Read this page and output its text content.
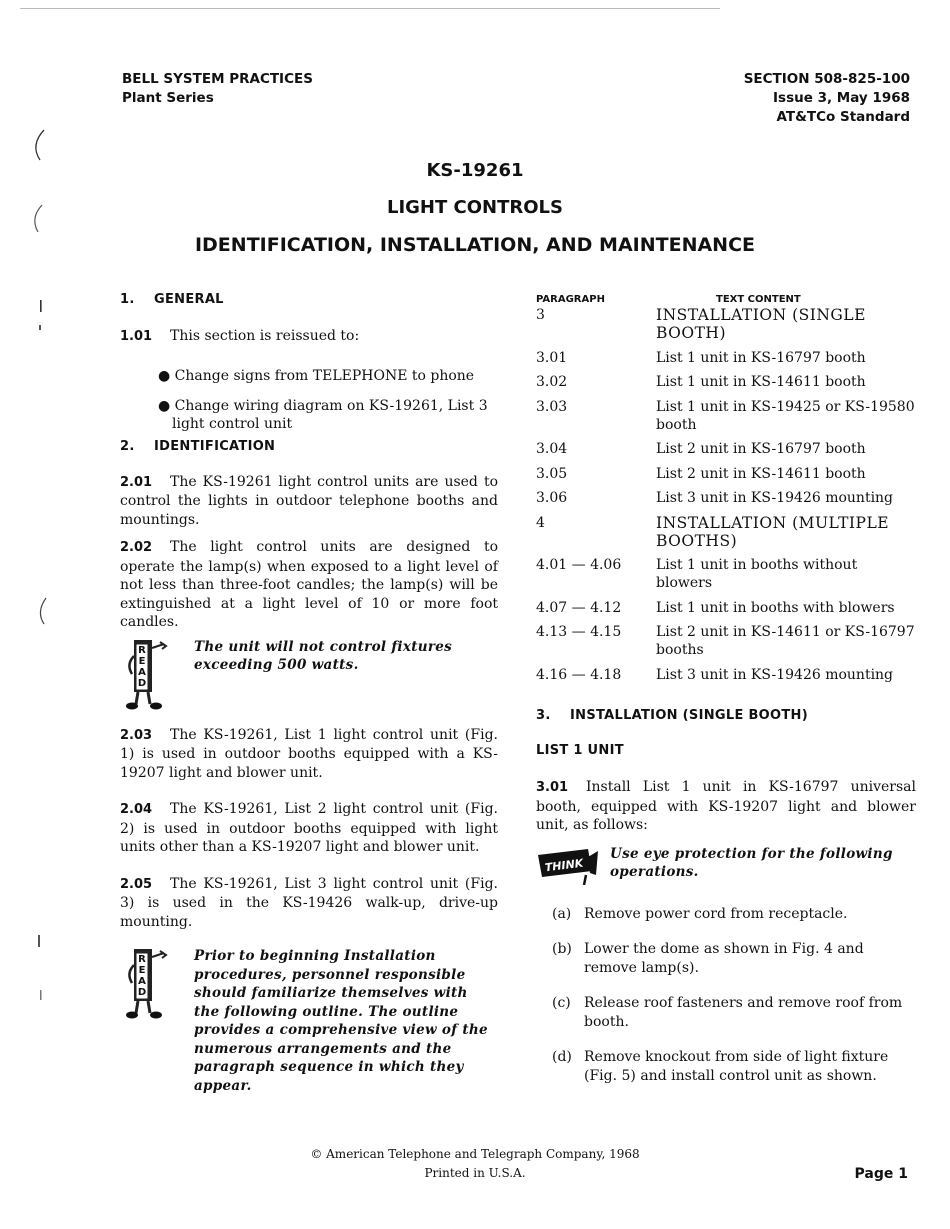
BELL SYSTEM PRACTICES
Plant Series
SECTION 508-825-100
Issue 3, May 1968
AT&TCo Standard
KS-19261
LIGHT CONTROLS
IDENTIFICATION, INSTALLATION, AND MAINTENANCE
1. GENERAL
1.01 This section is reissued to:
● Change signs from TELEPHONE to phone
● Change wiring diagram on KS-19261, List 3 light control unit
2. IDENTIFICATION
2.01 The KS-19261 light control units are used to control the lights in outdoor telephone booths and mountings.
2.02 The light control units are designed to operate the lamp(s) when exposed to a light level of not less than three-foot candles; the lamp(s) will be extinguished at a light level of 10 or more foot candles.
R
E
A
D
The unit will not control fixtures exceeding 500 watts.
2.03 The KS-19261, List 1 light control unit (Fig. 1) is used in outdoor booths equipped with a KS-19207 light and blower unit.
2.04 The KS-19261, List 2 light control unit (Fig. 2) is used in outdoor booths equipped with light units other than a KS-19207 light and blower unit.
2.05 The KS-19261, List 3 light control unit (Fig. 3) is used in the KS-19426 walk-up, drive-up mounting.
R
E
A
D
Prior to beginning Installation procedures, personnel responsible should familiarize themselves with the following outline. The outline provides a comprehensive view of the numerous arrangements and the paragraph sequence in which they appear.
PARAGRAPH	TEXT CONTENT
3	INSTALLATION (SINGLE BOOTH)
3.01	List 1 unit in KS-16797 booth
3.02	List 1 unit in KS-14611 booth
3.03	List 1 unit in KS-19425 or KS-19580 booth
3.04	List 2 unit in KS-16797 booth
3.05	List 2 unit in KS-14611 booth
3.06	List 3 unit in KS-19426 mounting
4	INSTALLATION (MULTIPLE BOOTHS)
4.01 — 4.06	List 1 unit in booths without blowers
4.07 — 4.12	List 1 unit in booths with blowers
4.13 — 4.15	List 2 unit in KS-14611 or KS-16797 booths
4.16 — 4.18	List 3 unit in KS-19426 mounting
3. INSTALLATION (SINGLE BOOTH)
LIST 1 UNIT
3.01 Install List 1 unit in KS-16797 universal booth, equipped with KS-19207 light and blower unit, as follows:
THINK
Use eye protection for the following operations.
(a) Remove power cord from receptacle.
(b) Lower the dome as shown in Fig. 4 and remove lamp(s).
(c) Release roof fasteners and remove roof from booth.
(d) Remove knockout from side of light fixture (Fig. 5) and install control unit as shown.
© American Telephone and Telegraph Company, 1968
Printed in U.S.A.	Page 1
